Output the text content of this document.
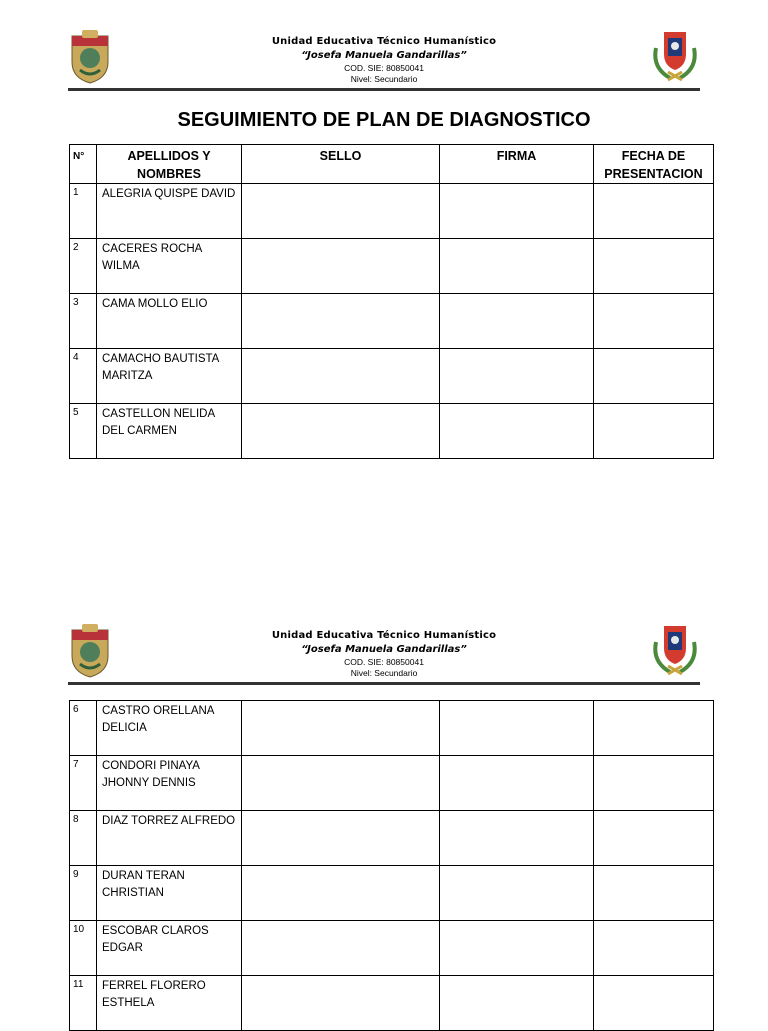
Unidad Educativa Técnico Humanístico
“Josefa Manuela Gandarillas”
COD. SIE: 80850041
Nivel: Secundario
SEGUIMIENTO DE PLAN DE DIAGNOSTICO
N°	APELLIDOS Y NOMBRES	SELLO	FIRMA	FECHA DE PRESENTACION
1	ALEGRIA QUISPE DAVID			
2	CACERES ROCHA WILMA			
3	CAMA MOLLO ELIO			
4	CAMACHO BAUTISTA MARITZA			
5	CASTELLON NELIDA DEL CARMEN			
Unidad Educativa Técnico Humanístico
“Josefa Manuela Gandarillas”
COD. SIE: 80850041
Nivel: Secundario
6	CASTRO ORELLANA DELICIA			
7	CONDORI PINAYA JHONNY DENNIS			
8	DIAZ TORREZ ALFREDO			
9	DURAN TERAN CHRISTIAN			
10	ESCOBAR CLAROS EDGAR			
11	FERREL FLORERO ESTHELA			
